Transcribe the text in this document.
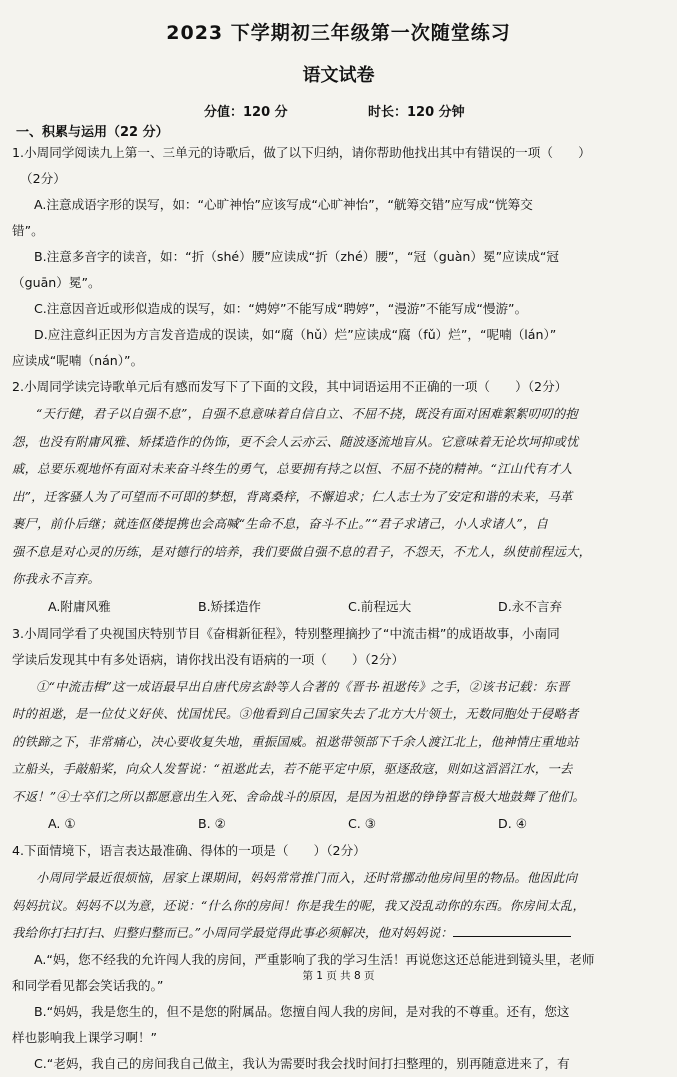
2023 下学期初三年级第一次随堂练习
语文试卷
分值：120 分	时长：120 分钟
一、积累与运用（22 分）

1.小周同学阅读九上第一、三单元的诗歌后，做了以下归纳，请你帮助他找出其中有错误的一项（　　）

（2分）

A.注意成语字形的误写，如：“心旷神怡”应该写成“心旷神怡”，“觥筹交错”应写成“恍筹交

错”。

B.注意多音字的读音，如：“折（shé）腰”应读成“折（zhé）腰”，“冠（guàn）冕”应读成“冠

（guān）冕”。

C.注意因音近或形似造成的误写，如：“娉婷”不能写成“聘婷”，“漫游”不能写成“慢游”。

D.应注意纠正因为方言发音造成的误读，如“腐（hǔ）烂”应读成“腐（fǔ）烂”，“呢喃（lán）”

应读成“呢喃（nán）”。

2.小周同学读完诗歌单元后有感而发写下了下面的文段，其中词语运用不正确的一项（　　）（2分）

“天行健，君子以自强不息”，自强不息意味着自信自立、不屈不挠，既没有面对困难絮絮叨叨的抱

怨，也没有附庸风雅、矫揉造作的伪饰，更不会人云亦云、随波逐流地盲从。它意味着无论坎坷抑或忧

戚，总要乐观地怀有面对未来奋斗终生的勇气，总要拥有持之以恒、不屈不挠的精神。“江山代有才人

出”，迁客骚人为了可望而不可即的梦想，背离桑梓，不懈追求；仁人志士为了安定和谐的未来，马革

裹尸，前仆后继；就连伛偻提携也会高喊“生命不息，奋斗不止。”“君子求诸己，小人求诸人”，自

强不息是对心灵的历练，是对德行的培养，我们要做自强不息的君子，不怨天，不尤人，纵使前程远大，

你我永不言弃。

A.附庸风雅	B.矫揉造作	C.前程远大	D.永不言弃

3.小周同学看了央视国庆特别节目《奋楫新征程》，特别整理摘抄了“中流击楫”的成语故事，小南同

学读后发现其中有多处语病，请你找出没有语病的一项（　　）（2分）

①“中流击楫”这一成语最早出自唐代房玄龄等人合著的《晋书·祖逖传》之手，②该书记载：东晋

时的祖逖，是一位仗义好侠、忧国忧民。③他看到自己国家失去了北方大片领土，无数同胞处于侵略者

的铁蹄之下，非常痛心，决心要收复失地，重振国威。祖逖带领部下千余人渡江北上，他神情庄重地站

立船头，手敲船桨，向众人发誓说：“祖逖此去，若不能平定中原，驱逐敌寇，则如这滔滔江水，一去

不返！”④士卒们之所以都愿意出生入死、舍命战斗的原因，是因为祖逖的铮铮誓言极大地鼓舞了他们。

A. ①	B. ②	C. ③	D. ④

4.下面情境下，语言表达最准确、得体的一项是（　　）（2分）

小周同学最近很烦恼，居家上课期间，妈妈常常推门而入，还时常挪动他房间里的物品。他因此向

妈妈抗议。妈妈不以为意，还说：“什么你的房间！你是我生的呢，我又没乱动你的东西。你房间太乱，

我给你打扫打扫、归整归整而已。”小周同学最觉得此事必须解决，他对妈妈说：

A.“妈，您不经我的允许闯人我的房间，严重影响了我的学习生活！再说您这还总能进到镜头里，老师

和同学看见都会笑话我的。”

B.“妈妈，我是您生的，但不是您的附属品。您擅自闯人我的房间，是对我的不尊重。还有，您这

样也影响我上课学习啊！”

C.“老妈，我自己的房间我自己做主，我认为需要时我会找时间打扫整理的，别再随意进来了，有

第 1 页 共 8 页
